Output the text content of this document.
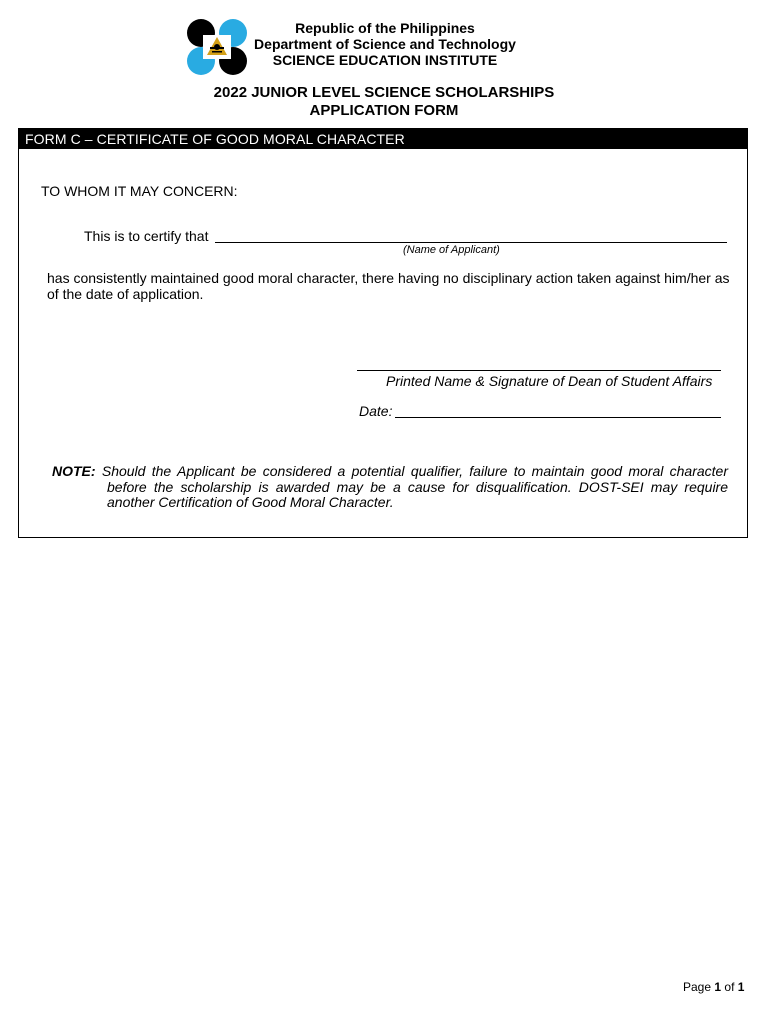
Republic of the Philippines
Department of Science and Technology
SCIENCE EDUCATION INSTITUTE
2022 JUNIOR LEVEL SCIENCE SCHOLARSHIPS
APPLICATION FORM
FORM C – CERTIFICATE OF GOOD MORAL CHARACTER
TO WHOM IT MAY CONCERN:
This is to certify that
(Name of Applicant)
has consistently maintained good moral character, there having no disciplinary action taken against him/her as of the date of application.
Printed Name & Signature of Dean of Student Affairs
Date:
NOTE: Should the Applicant be considered a potential qualifier, failure to maintain good moral character before the scholarship is awarded may be a cause for disqualification. DOST-SEI may require another Certification of Good Moral Character.
Page 1 of 1
